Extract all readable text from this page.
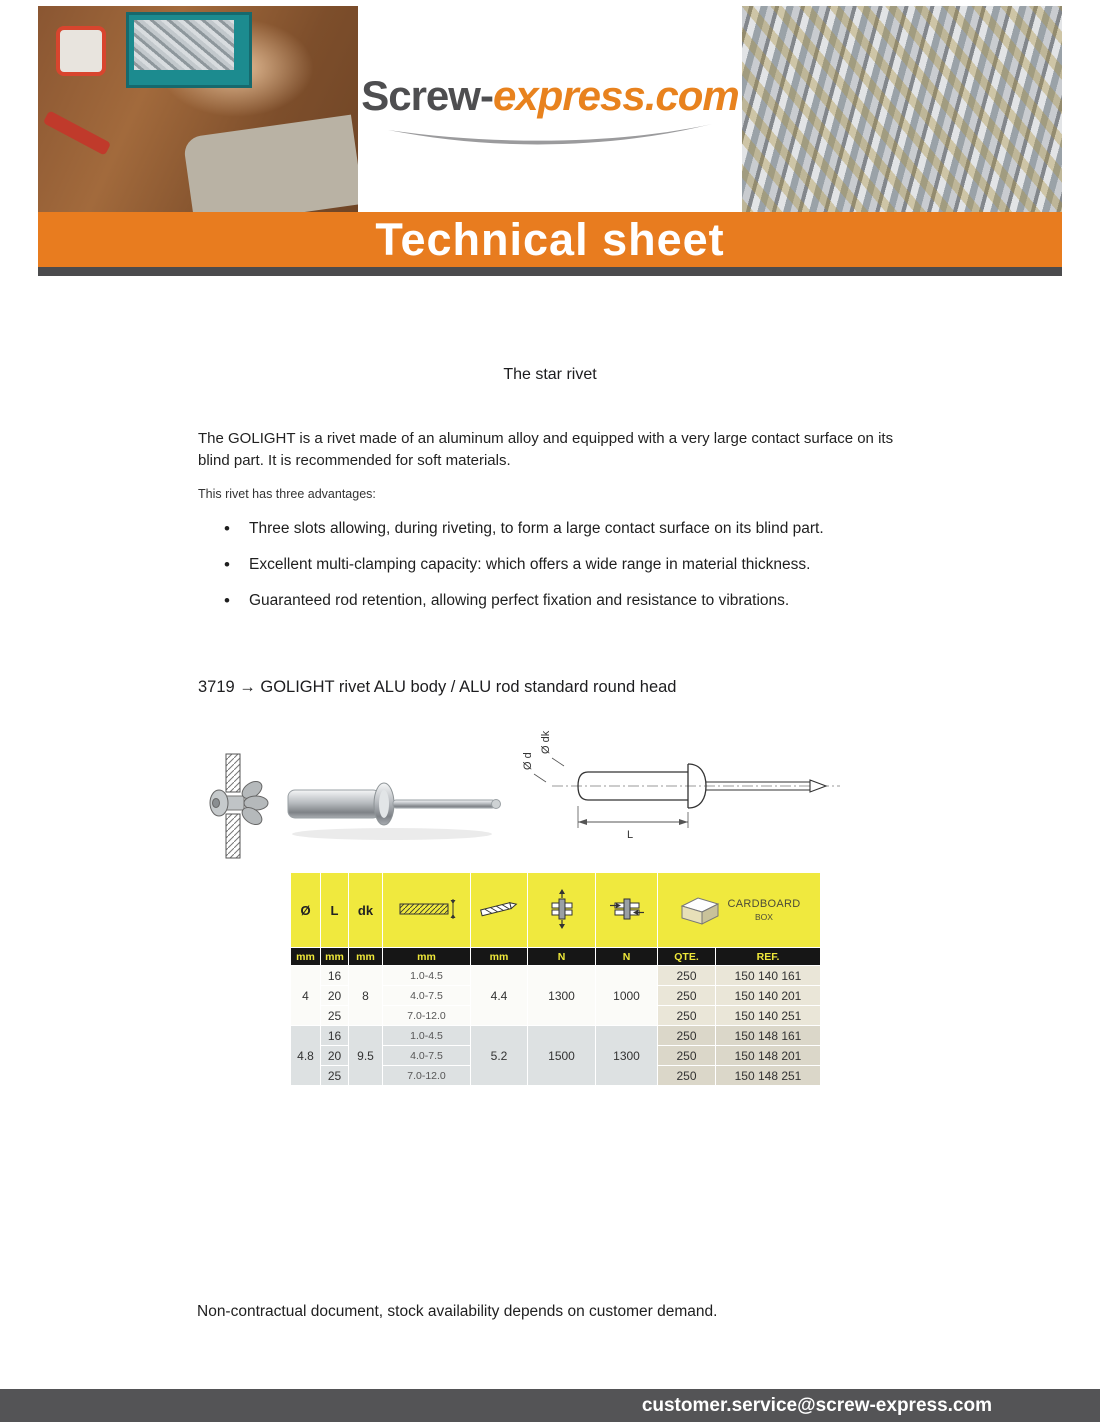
Screw-express.com
Technical sheet
The star rivet
The GOLIGHT is a rivet made of an aluminum alloy and equipped with a very large contact surface on its blind part. It is recommended for soft materials.
This rivet has three advantages:
• Three slots allowing, during riveting, to form a large contact surface on its blind part.
• Excellent multi-clamping capacity: which offers a wide range in material thickness.
• Guaranteed rod retention, allowing perfect fixation and resistance to vibrations.
3719 → GOLIGHT rivet ALU body / ALU rod standard round head
Ø d
Ø dk
L
Ø	L	dk					CARDBOARD
BOX	

mm	mm	mm	mm	mm	N	N	QTE.	REF.
4	16	8	1.0-4.5	4.4	1300	1000	250	150 140 161
	20		4.0-7.5				250	150 140 201
	25		7.0-12.0				250	150 140 251
4.8	16	9.5	1.0-4.5	5.2	1500	1300	250	150 148 161
	20		4.0-7.5				250	150 148 201
	25		7.0-12.0				250	150 148 251
Non-contractual document, stock availability depends on customer demand.
customer.service@screw-express.com
